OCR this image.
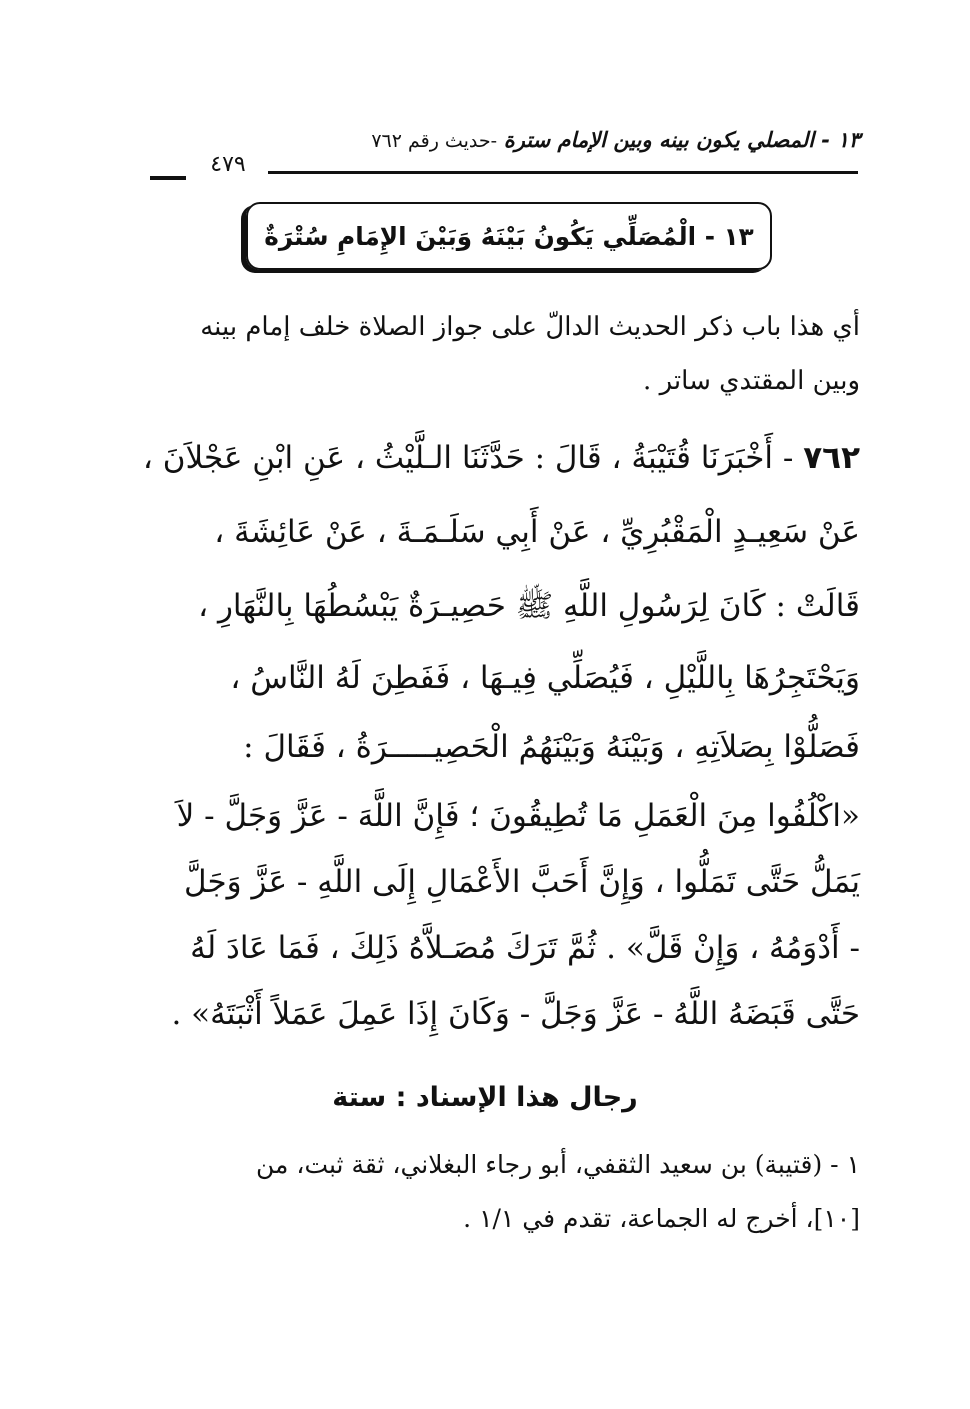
١٣ - المصلي يكون بينه وبين الإمام سترة -حديث رقم ٧٦٢
٤٧٩
١٣ - الْمُصَلِّي يَكُونُ بَيْنَهُ وَبَيْنَ الإِمَامِ سُتْرَةٌ
أي هذا باب ذكر الحديث الدالّ على جواز الصلاة خلف إمام بينه
وبين المقتدي ساتر .
٧٦٢ - أَخْبَرَنَا قُتَيْبَةُ ، قَالَ : حَدَّثَنَا الـلَّيْثُ ، عَنِ ابْنِ عَجْلاَنَ ،
عَنْ سَعِيـدٍ الْمَقْبُرِيِّ ، عَنْ أَبِي سَلَـمَـةَ ، عَنْ عَائِشَةَ ،
قَالَتْ : كَانَ لِرَسُولِ اللَّهِ ﷺ حَصِيـرَةٌ يَبْسُطُهَا بِالنَّهَارِ ،
وَيَحْتَجِرُهَا بِاللَّيْلِ ، فَيُصَلِّي فِيـهَا ، فَفَطِنَ لَهُ النَّاسُ ،
فَصَلُّوْا بِصَلاَتِهِ ، وَبَيْنَهُ وَبَيْنَهُمُ الْحَصِيـــــرَةُ ، فَقَالَ :
«اكْلُفُوا مِنَ الْعَمَلِ مَا تُطِيقُونَ ؛ فَإِنَّ اللَّهَ - عَزَّ وَجَلَّ - لاَ
يَمَلُّ حَتَّى تَمَلُّوا ، وَإِنَّ أَحَبَّ الأَعْمَالِ إِلَى اللَّهِ - عَزَّ وَجَلَّ
- أَدْوَمُهُ ، وَإِنْ قَلَّ» . ثُمَّ تَرَكَ مُصَـلاَّهُ ذَلِكَ ، فَمَا عَادَ لَهُ
حَتَّى قَبَضَهُ اللَّهُ - عَزَّ وَجَلَّ - وَكَانَ إِذَا عَمِلَ عَمَلاً أَثْبَتَهُ» .
رجال هذا الإسناد : ستة
١ - (قتيبة) بن سعيد الثقفي، أبو رجاء البغلاني، ثقة ثبت، من
[١٠]، أخرج له الجماعة، تقدم في ١/١ .
